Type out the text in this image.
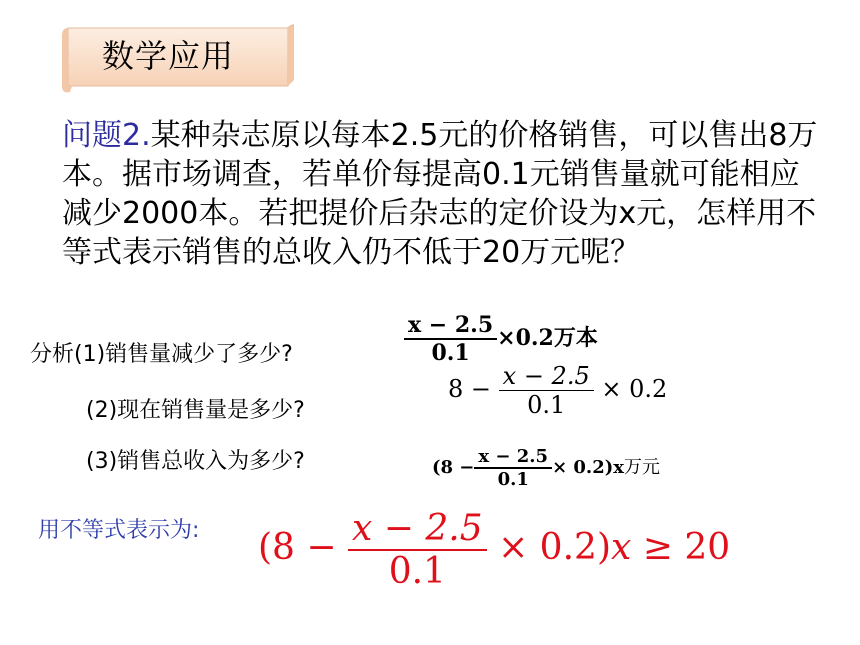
数学应用
问题2.某种杂志原以每本2.5元的价格销售，可以售出8万本。据市场调查，若单价每提高0.1元销售量就可能相应减少2000本。若把提价后杂志的定价设为x元，怎样用不等式表示销售的总收入仍不低于20万元呢？
分析(1)销售量减少了多少?
(2)现在销售量是多少?
(3)销售总收入为多少?
$\frac{x - 2.5}{0.1} \times 0.2$万本
$8 - \frac{x - 2.5}{0.1} \times 0.2$
$(8 - \frac{x - 2.5}{0.1} \times 0.2)x$万元
用不等式表示为: $(8 - \frac{x - 2.5}{0.1} \times 0.2)x \ge 20$
